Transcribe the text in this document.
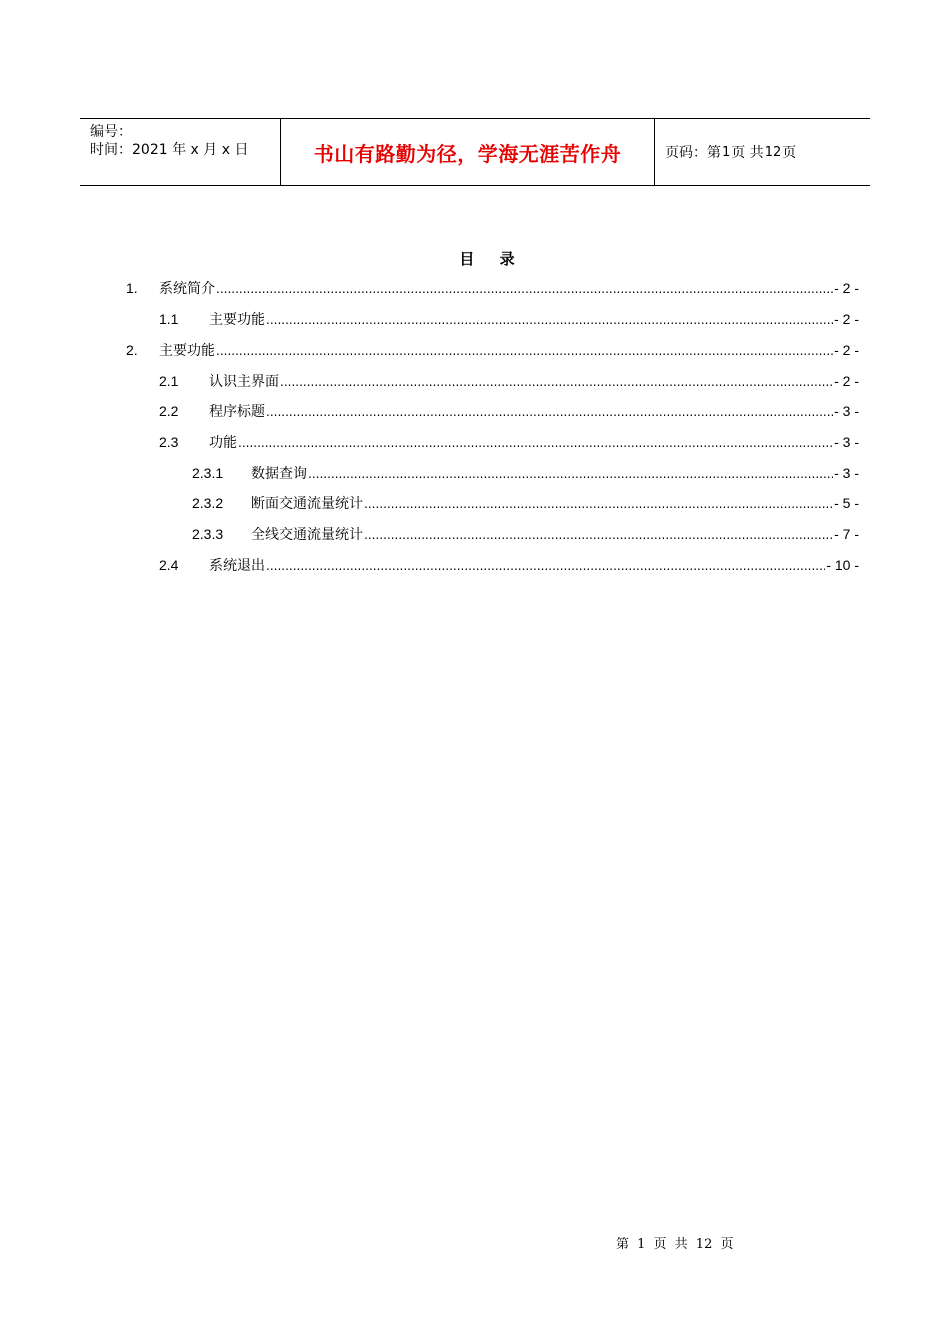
编号：
时间：2021 年 x 月 x 日	书山有路勤为径，学海无涯苦作舟	页码：第 1 页 共 12 页
目 录
1.	系统简介 .....	- 2 -
1.1	主要功能 .....	- 2 -
2.	主要功能 .....	- 2 -
2.1	认识主界面 .....	- 2 -
2.2	程序标题 .....	- 3 -
2.3	功能 .....	- 3 -
2.3.1	数据查询 .....	- 3 -
2.3.2	断面交通流量统计 .....	- 5 -
2.3.3	全线交通流量统计 .....	- 7 -
2.4	系统退出 .....	- 10 -
第 1 页 共 12 页
